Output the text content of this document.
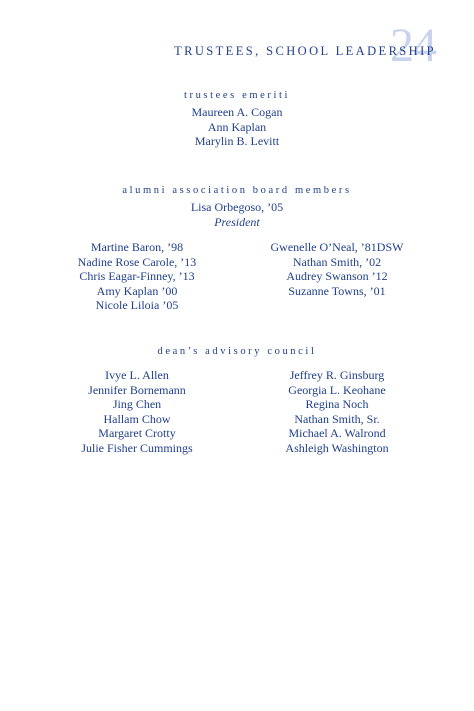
24
TRUSTEES, SCHOOL LEADERSHIP
trustees emeriti
Maureen A. Cogan
Ann Kaplan
Marylin B. Levitt
alumni association board members
Lisa Orbegoso, ’05
President
Martine Baron, ’98
Nadine Rose Carole, ’13
Chris Eagar-Finney, ’13
Amy Kaplan ’00
Nicole Liloia ’05
Gwenelle O’Neal, ’81DSW
Nathan Smith, ’02
Audrey Swanson ’12
Suzanne Towns, ’01
dean’s advisory council
Ivye L. Allen
Jennifer Bornemann
Jing Chen
Hallam Chow
Margaret Crotty
Julie Fisher Cummings
Jeffrey R. Ginsburg
Georgia L. Keohane
Regina Noch
Nathan Smith, Sr.
Michael A. Walrond
Ashleigh Washington
